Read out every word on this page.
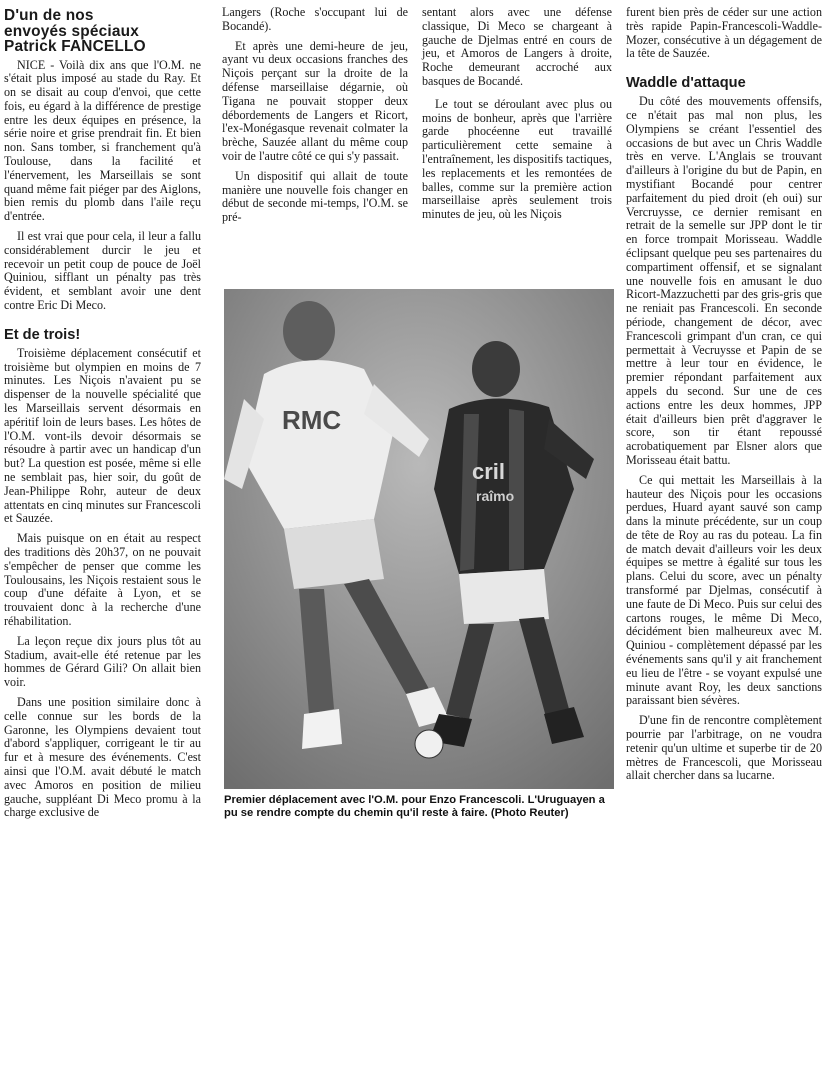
D'un de nos
envoyés spéciaux
Patrick FANCELLO

NICE - Voilà dix ans que l'O.M. ne s'était plus imposé au stade du Ray. Et on se disait au coup d'envoi, que cette fois, eu égard à la différence de prestige entre les deux équipes en présence, la série noire et grise prendrait fin. Et bien non. Sans tomber, si franchement qu'à Toulouse, dans la facilité et l'énervement, les Marseillais se sont quand même fait piéger par des Aiglons, bien remis du plomb dans l'aile reçu d'entrée.

Il est vrai que pour cela, il leur a fallu considérablement durcir le jeu et recevoir un petit coup de pouce de Joël Quiniou, sifflant un pénalty pas très évident, et semblant avoir une dent contre Eric Di Meco.

Et de trois!

Troisième déplacement consécutif et troisième but olympien en moins de 7 minutes. Les Niçois n'avaient pu se dispenser de la nouvelle spécialité que les Marseillais servent désormais en apéritif loin de leurs bases. Les hôtes de l'O.M. vont-ils devoir désormais se résoudre à partir avec un handicap d'un but? La question est posée, même si elle ne semblait pas, hier soir, du goût de Jean-Philippe Rohr, auteur de deux attentats en cinq minutes sur Francescoli et Sauzée.

Mais puisque on en était au respect des traditions dès 20h37, on ne pouvait s'empêcher de penser que comme les Toulousains, les Niçois restaient sous le coup d'une défaite à Lyon, et se trouvaient donc à la recherche d'une réhabilitation.

La leçon reçue dix jours plus tôt au Stadium, avait-elle été retenue par les hommes de Gérard Gili? On allait bien voir.

Dans une position similaire donc à celle connue sur les bords de la Garonne, les Olympiens devaient tout d'abord s'appliquer, corrigeant le tir au fur et à mesure des événements. C'est ainsi que l'O.M. avait débuté le match avec Amoros en position de milieu gauche, suppléant Di Meco promu à la charge exclusive de

Langers (Roche s'occupant lui de Bocandé).

Et après une demi-heure de jeu, ayant vu deux occasions franches des Niçois perçant sur la droite de la défense marseillaise dégarnie, où Tigana ne pouvait stopper deux débordements de Langers et Ricort, l'ex-Monégasque revenait colmater la brèche, Sauzée allant du même coup voir de l'autre côté ce qui s'y passait.

Un dispositif qui allait de toute manière une nouvelle fois changer en début de seconde mi-temps, l'O.M. se pré-

sentant alors avec une défense classique, Di Meco se chargeant à gauche de Djelmas entré en cours de jeu, et Amoros de Langers à droite, Roche demeurant accroché aux basques de Bocandé.

Le tout se déroulant avec plus ou moins de bonheur, après que l'arrière garde phocéenne eut travaillé particulièrement cette semaine à l'entraînement, les dispositifs tactiques, les replacements et les remontées de balles, comme sur la première action marseillaise après seulement trois minutes de jeu, où les Niçois

RMC
cril
raîmo
Premier déplacement avec l'O.M. pour Enzo Francescoli. L'Uruguayen a pu se rendre compte du chemin qu'il reste à faire. (Photo Reuter)

furent bien près de céder sur une action très rapide Papin-Francescoli-Waddle-Mozer, consécutive à un dégagement de la tête de Sauzée.

Waddle d'attaque

Du côté des mouvements offensifs, ce n'était pas mal non plus, les Olympiens se créant l'essentiel des occasions de but avec un Chris Waddle très en verve. L'Anglais se trouvant d'ailleurs à l'origine du but de Papin, en mystifiant Bocandé pour centrer parfaitement du pied droit (eh oui) sur Vercruysse, ce dernier remisant en retrait de la semelle sur JPP dont le tir en force trompait Morisseau. Waddle éclipsant quelque peu ses partenaires du compartiment offensif, et se signalant une nouvelle fois en amusant le duo Ricort-Mazzuchetti par des gris-gris que ne reniait pas Francescoli. En seconde période, changement de décor, avec Francescoli grimpant d'un cran, ce qui permettait à Vecruysse et Papin de se mettre à leur tour en évidence, le premier répondant parfaitement aux appels du second. Sur une de ces actions entre les deux hommes, JPP était d'ailleurs bien prêt d'aggraver le score, son tir étant repoussé acrobatiquement par Elsner alors que Morisseau était battu.

Ce qui mettait les Marseillais à la hauteur des Niçois pour les occasions perdues, Huard ayant sauvé son camp dans la minute précédente, sur un coup de tête de Roy au ras du poteau. La fin de match devait d'ailleurs voir les deux équipes se mettre à égalité sur tous les plans. Celui du score, avec un pénalty transformé par Djelmas, consécutif à une faute de Di Meco. Puis sur celui des cartons rouges, le même Di Meco, décidément bien malheureux avec M. Quiniou - complètement dépassé par les événements sans qu'il y ait franchement eu lieu de l'être - se voyant expulsé une minute avant Roy, les deux sanctions paraissant bien sévères.

D'une fin de rencontre complètement pourrie par l'arbitrage, on ne voudra retenir qu'un ultime et superbe tir de 20 mètres de Francescoli, que Morisseau allait chercher dans sa lucarne.
